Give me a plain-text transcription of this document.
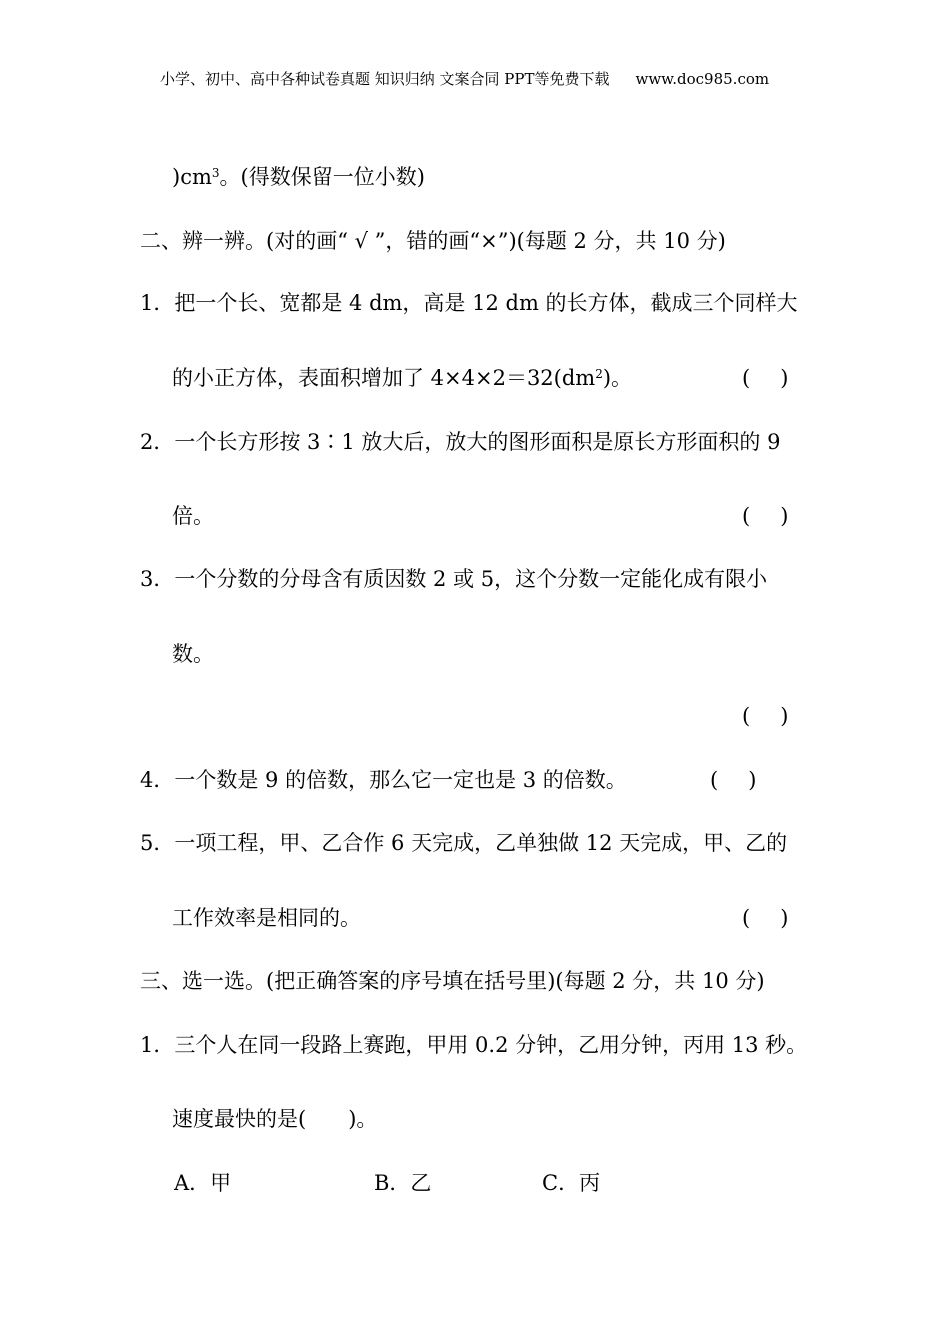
小学、初中、高中各种试卷真题 知识归纳 文案合同 PPT等免费下载 www.doc985.com
)$cm^3$。(得数保留一位小数)
二、辨一辨。(对的画“ √ ”，错的画“×”)(每题 2 分，共 10 分)
1．把一个长、宽都是 4 dm，高是 12 dm 的长方体，截成三个同样大
的小正方体，表面积增加了 $4\times 4\times 2=32(dm^2)$。	( )
2．一个长方形按 3∶1 放大后，放大的图形面积是原长方形面积的 9
倍。	( )
3．一个分数的分母含有质因数 2 或 5，这个分数一定能化成有限小
数。
( )
4．一个数是 9 的倍数，那么它一定也是 3 的倍数。	( )
5．一项工程，甲、乙合作 6 天完成，乙单独做 12 天完成，甲、乙的
工作效率是相同的。	( )
三、选一选。(把正确答案的序号填在括号里)(每题 2 分，共 10 分)
1．三个人在同一段路上赛跑，甲用 0.2 分钟，乙用分钟，丙用 13 秒。
速度最快的是(　　)。
A．甲	B．乙	C．丙
